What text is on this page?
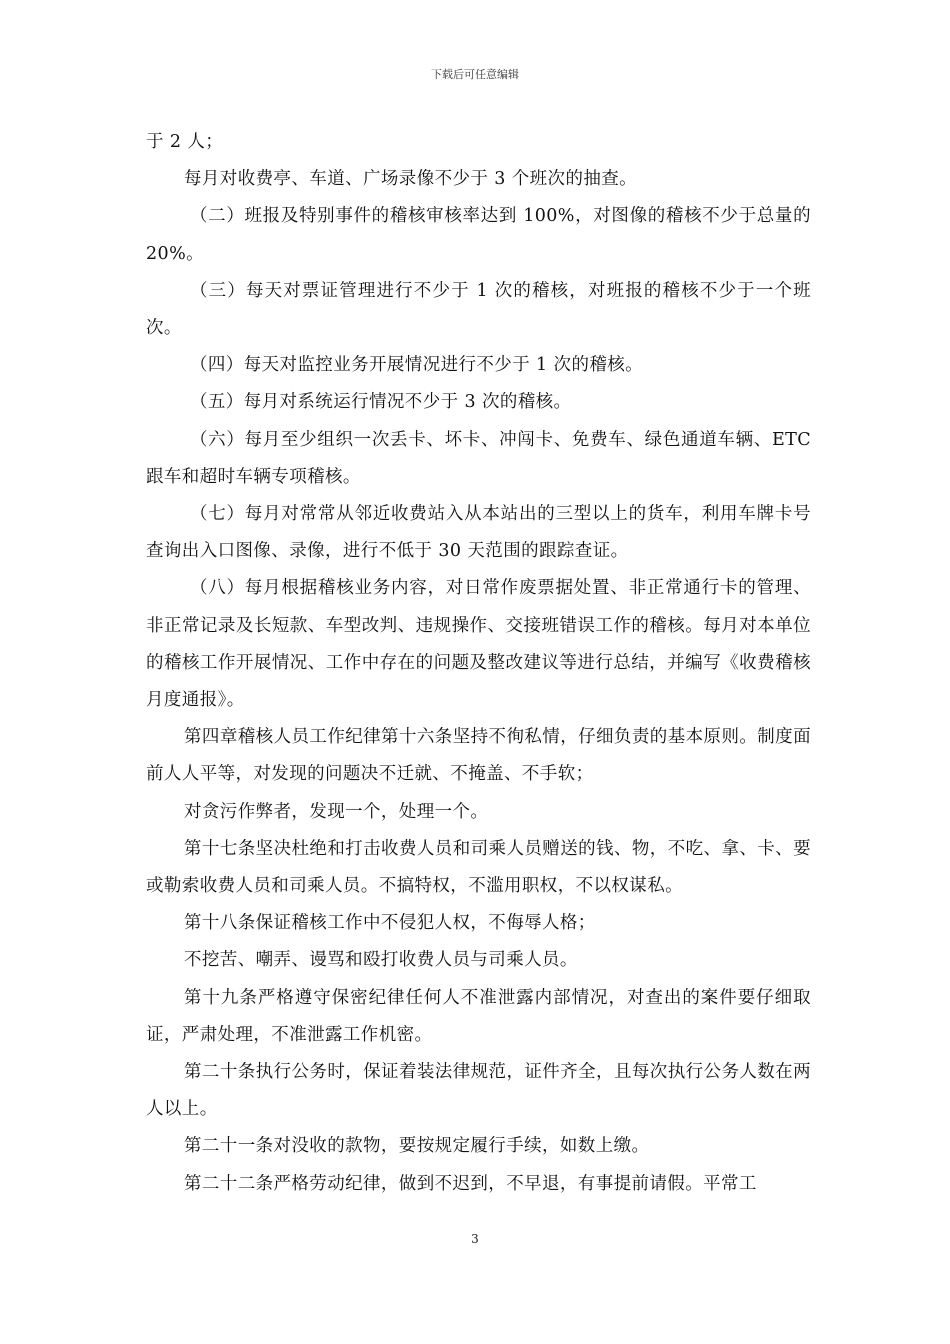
下载后可任意编辑

于 2 人；

每月对收费亭、车道、广场录像不少于 3 个班次的抽查。

（二）班报及特别事件的稽核审核率达到 100%，对图像的稽核不少于总量的 20%。

（三）每天对票证管理进行不少于 1 次的稽核，对班报的稽核不少于一个班次。

（四）每天对监控业务开展情况进行不少于 1 次的稽核。

（五）每月对系统运行情况不少于 3 次的稽核。

（六）每月至少组织一次丢卡、坏卡、冲闯卡、免费车、绿色通道车辆、ETC 跟车和超时车辆专项稽核。

（七）每月对常常从邻近收费站入从本站出的三型以上的货车，利用车牌卡号查询出入口图像、录像，进行不低于 30 天范围的跟踪查证。

（八）每月根据稽核业务内容，对日常作废票据处置、非正常通行卡的管理、非正常记录及长短款、车型改判、违规操作、交接班错误工作的稽核。每月对本单位的稽核工作开展情况、工作中存在的问题及整改建议等进行总结，并编写《收费稽核月度通报》。

第四章稽核人员工作纪律第十六条坚持不徇私情，仔细负责的基本原则。制度面前人人平等，对发现的问题决不迁就、不掩盖、不手软；

对贪污作弊者，发现一个，处理一个。

第十七条坚决杜绝和打击收费人员和司乘人员赠送的钱、物，不吃、拿、卡、要或勒索收费人员和司乘人员。不搞特权，不滥用职权，不以权谋私。

第十八条保证稽核工作中不侵犯人权，不侮辱人格；

不挖苦、嘲弄、谩骂和殴打收费人员与司乘人员。

第十九条严格遵守保密纪律任何人不准泄露内部情况，对查出的案件要仔细取证，严肃处理，不准泄露工作机密。

第二十条执行公务时，保证着装法律规范，证件齐全，且每次执行公务人数在两人以上。

第二十一条对没收的款物，要按规定履行手续，如数上缴。

第二十二条严格劳动纪律，做到不迟到，不早退，有事提前请假。平常工

3
